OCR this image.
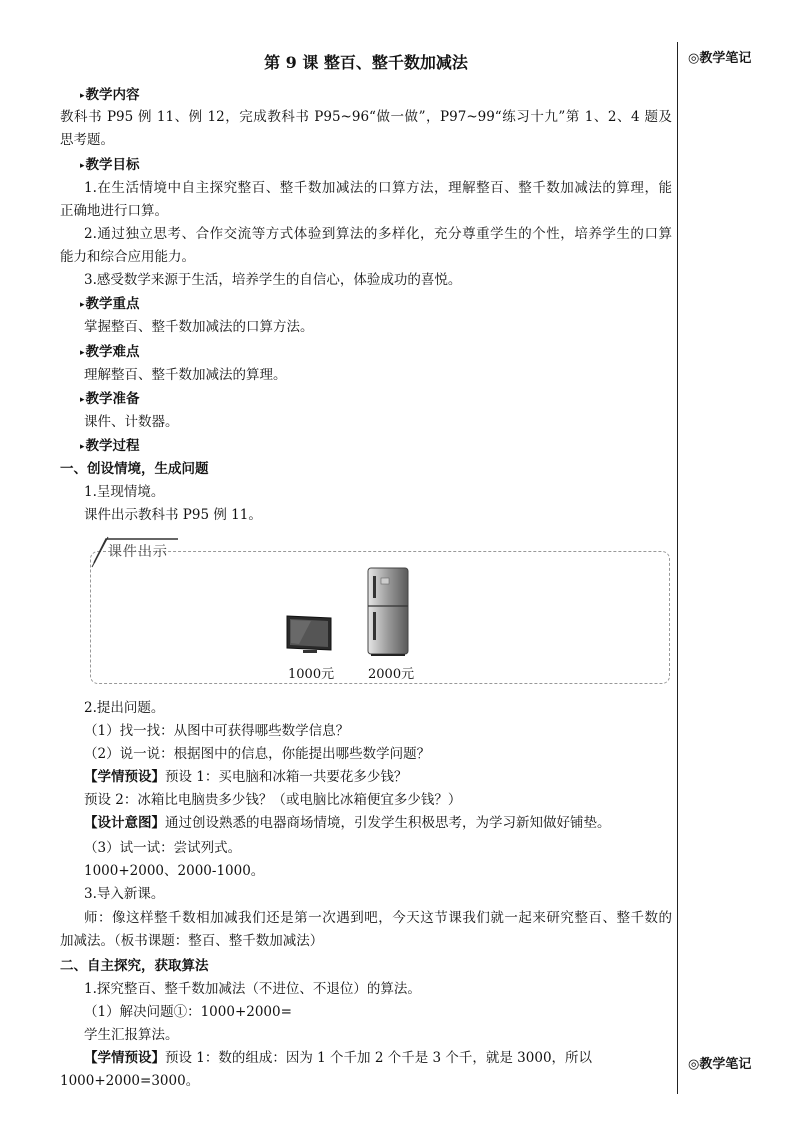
◎教学笔记
◎教学笔记
第 9 课 整百、整千数加减法
▸ 教学内容
教科书 P95 例 11、例 12，完成教科书 P95~96“做一做”，P97~99“练习十九”第 1、2、4 题及
思考题。
▸ 教学目标
1.在生活情境中自主探究整百、整千数加减法的口算方法，理解整百、整千数加减法的算理，能
正确地进行口算。
2.通过独立思考、合作交流等方式体验到算法的多样化，充分尊重学生的个性，培养学生的口算
能力和综合应用能力。
3.感受数学来源于生活，培养学生的自信心，体验成功的喜悦。
▸ 教学重点
掌握整百、整千数加减法的口算方法。
▸ 教学难点
理解整百、整千数加减法的算理。
▸ 教学准备
课件、计数器。
▸ 教学过程
一、创设情境，生成问题
1.呈现情境。
课件出示教科书 P95 例 11。
课件出示
1000元	2000元
2.提出问题。
（1）找一找：从图中可获得哪些数学信息？
（2）说一说：根据图中的信息，你能提出哪些数学问题？
【学情预设】预设 1：买电脑和冰箱一共要花多少钱？
预设 2：冰箱比电脑贵多少钱？（或电脑比冰箱便宜多少钱？）
【设计意图】通过创设熟悉的电器商场情境，引发学生积极思考，为学习新知做好铺垫。
（3）试一试：尝试列式。
1000+2000、2000-1000。
3.导入新课。
师：像这样整千数相加减我们还是第一次遇到吧，今天这节课我们就一起来研究整百、整千数的
加减法。（板书课题：整百、整千数加减法）
二、自主探究，获取算法
1.探究整百、整千数加减法（不进位、不退位）的算法。
（1）解决问题①：1000+2000=
学生汇报算法。
【学情预设】预设 1：数的组成：因为 1 个千加 2 个千是 3 个千，就是 3000，所以
1000+2000=3000。
